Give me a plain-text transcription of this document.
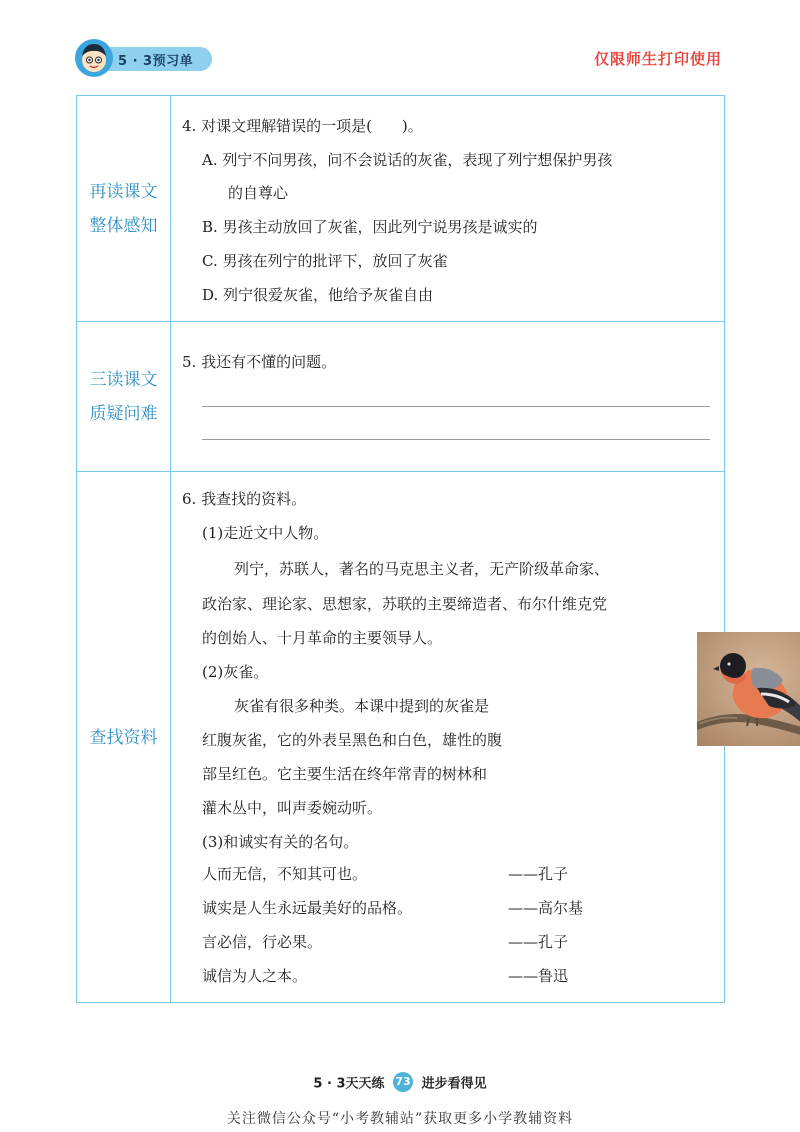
5 · 3预习单	仅限师生打印使用
再读课文
整体感知
4. 对课文理解错误的一项是(　　)。
A. 列宁不问男孩，问不会说话的灰雀，表现了列宁想保护男孩
的自尊心
B. 男孩主动放回了灰雀，因此列宁说男孩是诚实的
C. 男孩在列宁的批评下，放回了灰雀
D. 列宁很爱灰雀，他给予灰雀自由
三读课文
质疑问难
5. 我还有不懂的问题。
查找资料
6. 我查找的资料。
(1)走近文中人物。
列宁，苏联人，著名的马克思主义者，无产阶级革命家、
政治家、理论家、思想家，苏联的主要缔造者、布尔什维克党
的创始人、十月革命的主要领导人。
(2)灰雀。
灰雀有很多种类。本课中提到的灰雀是
红腹灰雀，它的外表呈黑色和白色，雄性的腹
部呈红色。它主要生活在终年常青的树林和
灌木丛中，叫声委婉动听。
(3)和诚实有关的名句。
人而无信，不知其可也。	——孔子
诚实是人生永远最美好的品格。	——高尔基
言必信，行必果。	——孔子
诚信为人之本。	——鲁迅
5 · 3天天练 73 进步看得见
关注微信公众号“小考教辅站”获取更多小学教辅资料
